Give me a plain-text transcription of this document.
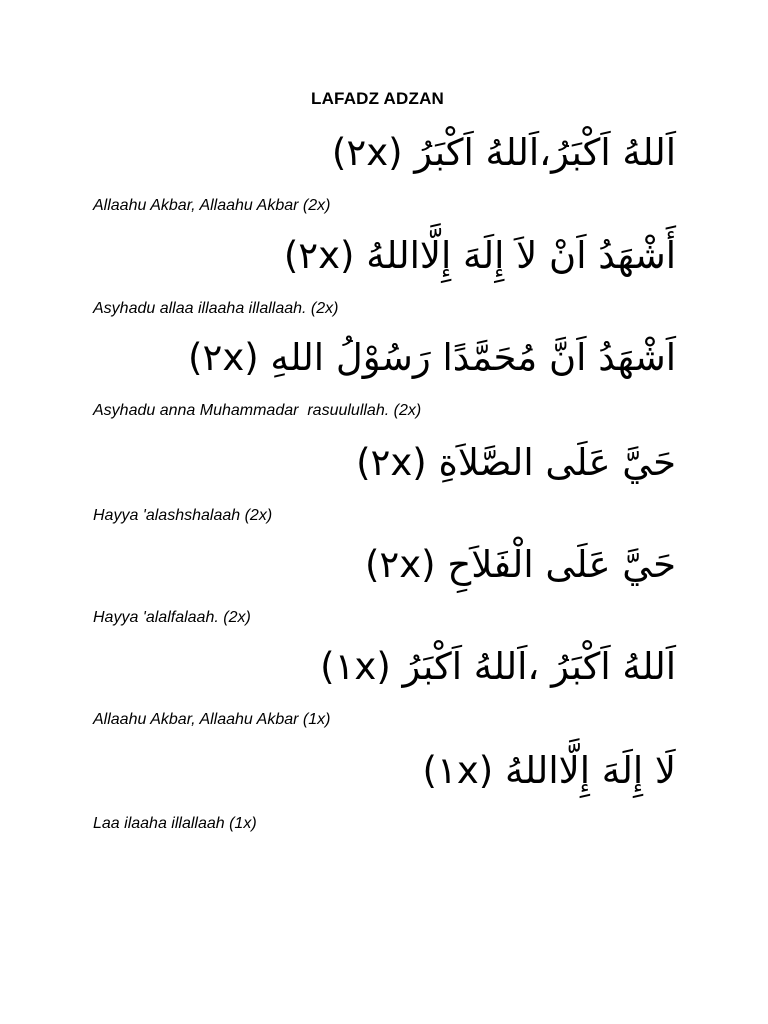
LAFADZ ADZAN
اَللهُ اَكْبَرُ،اَللهُ اَكْبَرُ (٢x)
Allaahu Akbar, Allaahu Akbar (2x)
أَشْهَدُ اَنْ لاَ إِلَهَ إِلَّااللهُ (٢x)
Asyhadu allaa illaaha illallaah. (2x)
اَشْهَدُ اَنَّ مُحَمَّدًا رَسُوْلُ اللهِ (٢x)
Asyhadu anna Muhammadar  rasuulullah. (2x)
حَيَّ عَلَى الصَّلاَةِ (٢x)
Hayya 'alashshalaah (2x)
حَيَّ عَلَى الْفَلاَحِ (٢x)
Hayya 'alalfalaah. (2x)
اَللهُ اَكْبَرُ ،اَللهُ اَكْبَرُ (١x)
Allaahu Akbar, Allaahu Akbar (1x)
لَا إِلَهَ إِلَّااللهُ (١x)
Laa ilaaha illallaah (1x)
